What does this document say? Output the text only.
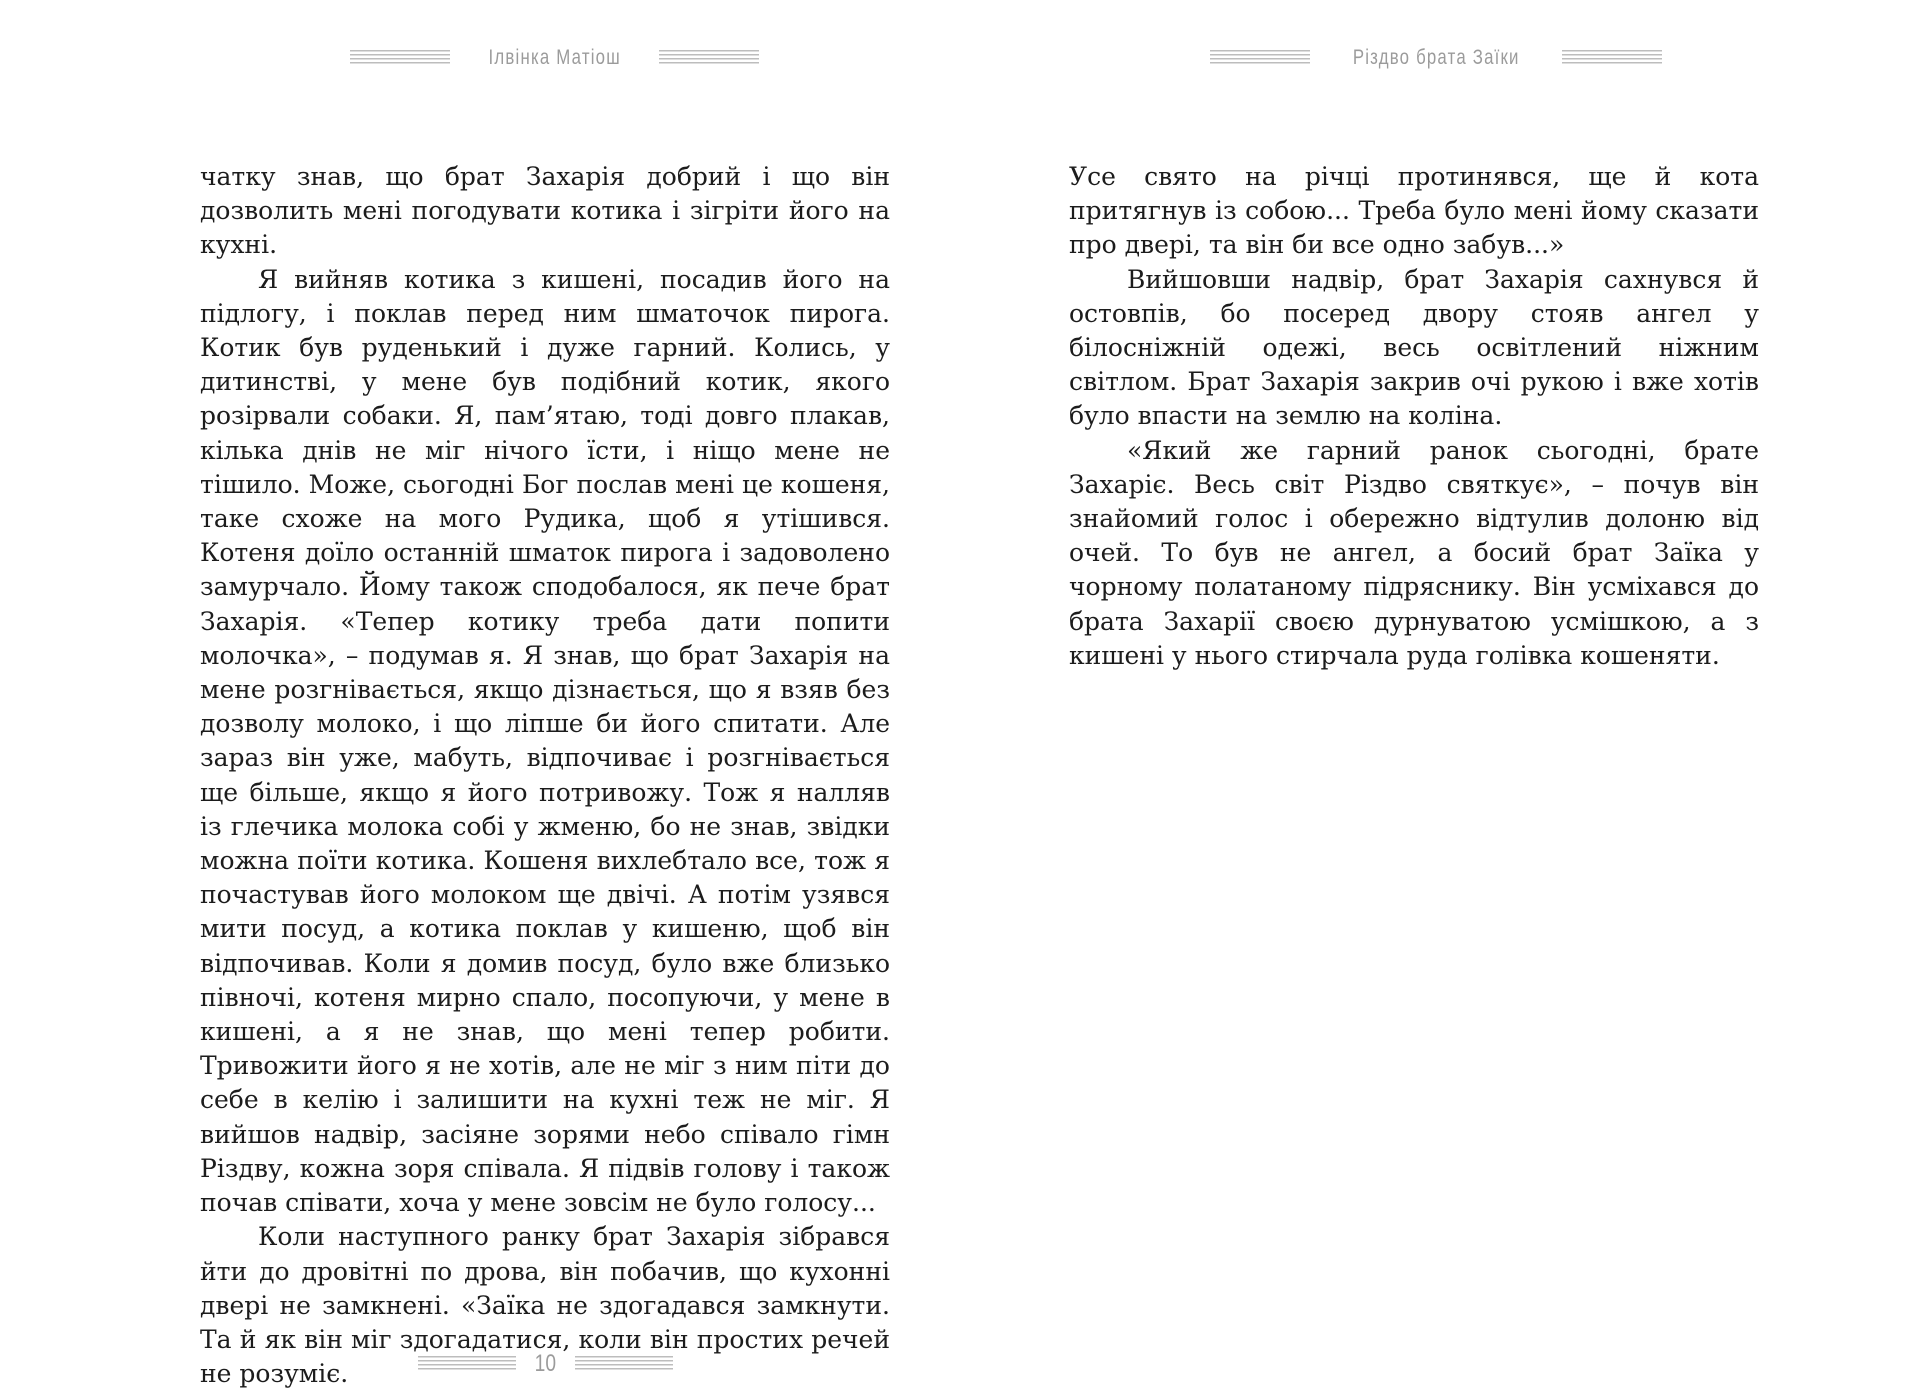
Ілвінка Матіош

чатку знав, що брат Захарія добрий і що він дозволить мені погодувати котика і зігріти його на кухні.

Я вийняв котика з кишені, посадив його на підлогу, і поклав перед ним шматочок пирога. Котик був руденький і дуже гарний. Колись, у дитинстві, у мене був подібний котик, якого розірвали собаки. Я, пам’ятаю, тоді довго плакав, кілька днів не міг нічого їсти, і ніщо мене не тішило. Може, сьогодні Бог послав мені це кошеня, таке схоже на мого Рудика, щоб я утішився. Котеня доїло останній шматок пирога і задоволено замурчало. Йому також сподобалося, як пече брат Захарія. «Тепер котику треба дати попити молочка», – подумав я. Я знав, що брат Захарія на мене розгнівається, якщо дізнається, що я взяв без дозволу молоко, і що ліпше би його спитати. Але зараз він уже, мабуть, відпочиває і розгнівається ще більше, якщо я його потривожу. Тож я налляв із глечика молока собі у жменю, бо не знав, звідки можна поїти котика. Кошеня вихлебтало все, тож я почастував його молоком ще двічі. А потім узявся мити посуд, а котика поклав у кишеню, щоб він відпочивав. Коли я домив посуд, було вже близько півночі, котеня мирно спало, посопуючи, у мене в кишені, а я не знав, що мені тепер робити. Тривожити його я не хотів, але не міг з ним піти до себе в келію і залишити на кухні теж не міг. Я вийшов надвір, засіяне зорями небо співало гімн Різдву, кожна зоря співала. Я підвів голову і також почав співати, хоча у мене зовсім не було голосу...

Коли наступного ранку брат Захарія зібрався йти до дровітні по дрова, він побачив, що кухонні двері не замкнені. «Заїка не здогадався замкнути. Та й як він міг здогадатися, коли він простих речей не розуміє.	10
Різдво брата Заїки

Усе свято на річці протинявся, ще й кота притягнув із собою... Треба було мені йому сказати про двері, та він би все одно забув...»

Вийшовши надвір, брат Захарія сахнувся й остовпів, бо посеред двору стояв ангел у білосніжній одежі, весь освітлений ніжним світлом. Брат Захарія закрив очі рукою і вже хотів було впасти на землю на коліна.

«Який же гарний ранок сьогодні, брате Захаріє. Весь світ Різдво святкує», – почув він знайомий голос і обережно відтулив долоню від очей. То був не ангел, а босий брат Заїка у чорному полатаному підряснику. Він усміхався до брата Захарії своєю дурнуватою усмішкою, а з кишені у нього стирчала руда голівка кошеняти.
